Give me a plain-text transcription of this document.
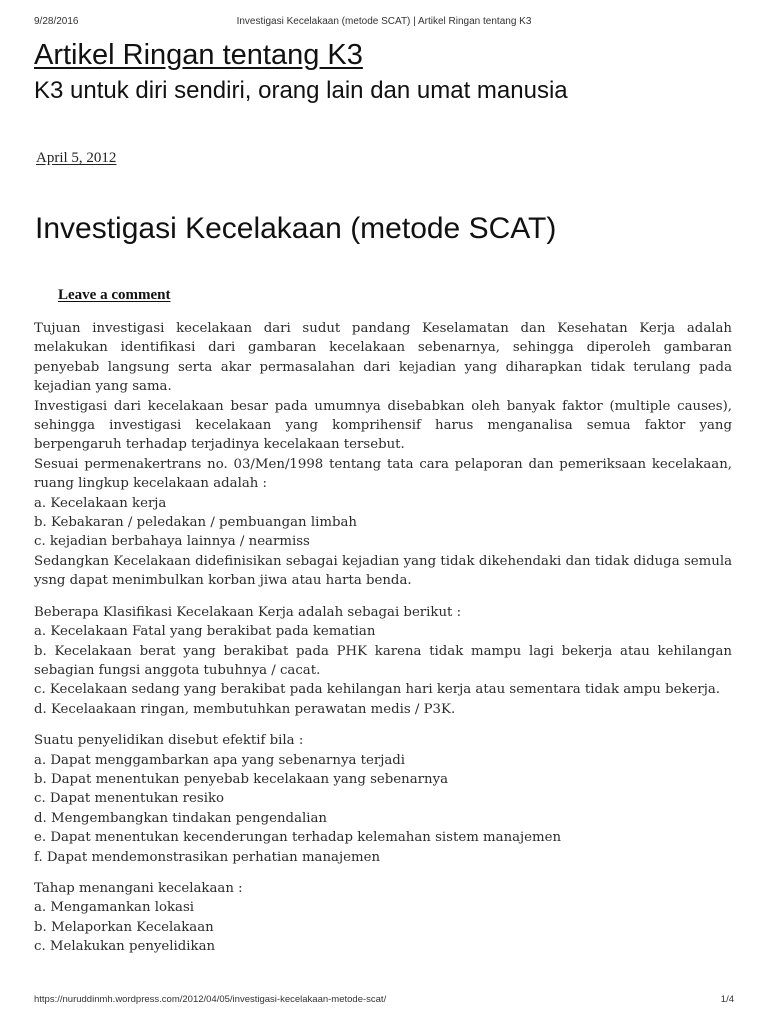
9/28/2016	Investigasi Kecelakaan (metode SCAT) | Artikel Ringan tentang K3
Artikel Ringan tentang K3
K3 untuk diri sendiri, orang lain dan umat manusia
April 5, 2012
Investigasi Kecelakaan (metode SCAT)
Leave a comment

Tujuan investigasi kecelakaan dari sudut pandang Keselamatan dan Kesehatan Kerja adalah melakukan identifikasi dari gambaran kecelakaan sebenarnya, sehingga diperoleh gambaran penyebab langsung serta akar permasalahan dari kejadian yang diharapkan tidak terulang pada kejadian yang sama.

Investigasi dari kecelakaan besar pada umumnya disebabkan oleh banyak faktor (multiple causes), sehingga investigasi kecelakaan yang komprihensif harus menganalisa semua faktor yang berpengaruh terhadap terjadinya kecelakaan tersebut.

Sesuai permenakertrans no. 03/Men/1998 tentang tata cara pelaporan dan pemeriksaan kecelakaan, ruang lingkup kecelakaan adalah :

a. Kecelakaan kerja

b. Kebakaran / peledakan / pembuangan limbah

c. kejadian berbahaya lainnya / nearmiss

Sedangkan Kecelakaan didefinisikan sebagai kejadian yang tidak dikehendaki dan tidak diduga semula ysng dapat menimbulkan korban jiwa atau harta benda.

Beberapa Klasifikasi Kecelakaan Kerja adalah sebagai berikut :

a. Kecelakaan Fatal yang berakibat pada kematian

b. Kecelakaan berat yang berakibat pada PHK karena tidak mampu lagi bekerja atau kehilangan sebagian fungsi anggota tubuhnya / cacat.

c. Kecelakaan sedang yang berakibat pada kehilangan hari kerja atau sementara tidak ampu bekerja.

d. Kecelaakaan ringan, membutuhkan perawatan medis / P3K.

Suatu penyelidikan disebut efektif bila :

a. Dapat menggambarkan apa yang sebenarnya terjadi

b. Dapat menentukan penyebab kecelakaan yang sebenarnya

c. Dapat menentukan resiko

d. Mengembangkan tindakan pengendalian

e. Dapat menentukan kecenderungan terhadap kelemahan sistem manajemen

f. Dapat mendemonstrasikan perhatian manajemen

Tahap menangani kecelakaan :

a. Mengamankan lokasi

b. Melaporkan Kecelakaan

c. Melakukan penyelidikan

https://nuruddinmh.wordpress.com/2012/04/05/investigasi-kecelakaan-metode-scat/	1/4
